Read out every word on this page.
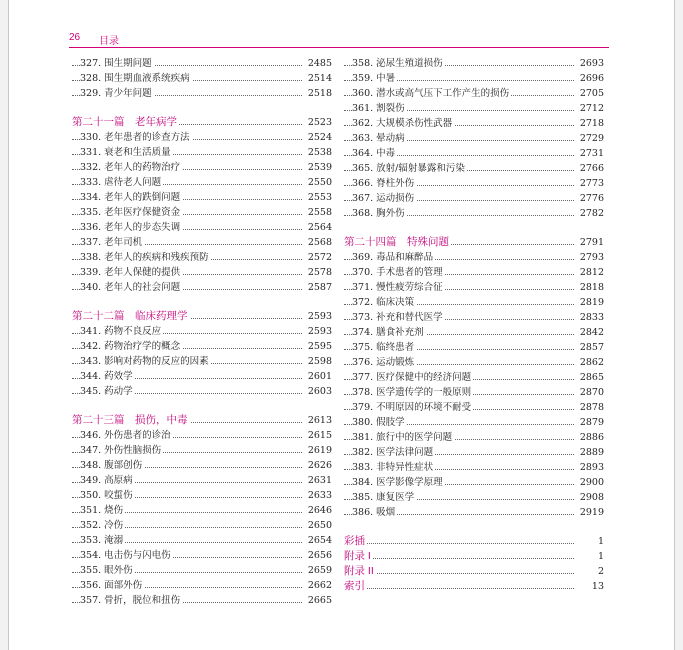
26 目录
327. 围生期问题	2485
328. 围生期血液系统疾病	2514
329. 青少年问题	2518
第二十一篇　老年病学	2523
330. 老年患者的诊查方法	2524
331. 衰老和生活质量	2538
332. 老年人的药物治疗	2539
333. 虐待老人问题	2550
334. 老年人的跌倒问题	2553
335. 老年医疗保健资金	2558
336. 老年人的步态失调	2564
337. 老年司机	2568
338. 老年人的疾病和残疾预防	2572
339. 老年人保健的提供	2578
340. 老年人的社会问题	2587
第二十二篇　临床药理学	2593
341. 药物不良反应	2593
342. 药物治疗学的概念	2595
343. 影响对药物的反应的因素	2598
344. 药效学	2601
345. 药动学	2603
第二十三篇　损伤，中毒	2613
346. 外伤患者的诊治	2615
347. 外伤性脑损伤	2619
348. 腹部创伤	2626
349. 高原病	2631
350. 咬蜇伤	2633
351. 烧伤	2646
352. 冷伤	2650
353. 淹溺	2654
354. 电击伤与闪电伤	2656
355. 眼外伤	2659
356. 面部外伤	2662
357. 骨折，脱位和扭伤	2665
358. 泌尿生殖道损伤	2693
359. 中暑	2696
360. 潜水或高气压下工作产生的损伤	2705
361. 割裂伤	2712
362. 大规模杀伤性武器	2718
363. 晕动病	2729
364. 中毒	2731
365. 放射/辐射暴露和污染	2766
366. 脊柱外伤	2773
367. 运动损伤	2776
368. 胸外伤	2782
第二十四篇　特殊问题	2791
369. 毒品和麻醉品	2793
370. 手术患者的管理	2812
371. 慢性疲劳综合征	2818
372. 临床决策	2819
373. 补充和替代医学	2833
374. 膳食补充剂	2842
375. 临终患者	2857
376. 运动锻炼	2862
377. 医疗保健中的经济问题	2865
378. 医学遗传学的一般原则	2870
379. 不明原因的环境不耐受	2878
380. 假肢学	2879
381. 旅行中的医学问题	2886
382. 医学法律问题	2889
383. 非特异性症状	2893
384. 医学影像学原理	2900
385. 康复医学	2908
386. 吸烟	2919
彩插	1
附录 I	1
附录 II	2
索引	13
